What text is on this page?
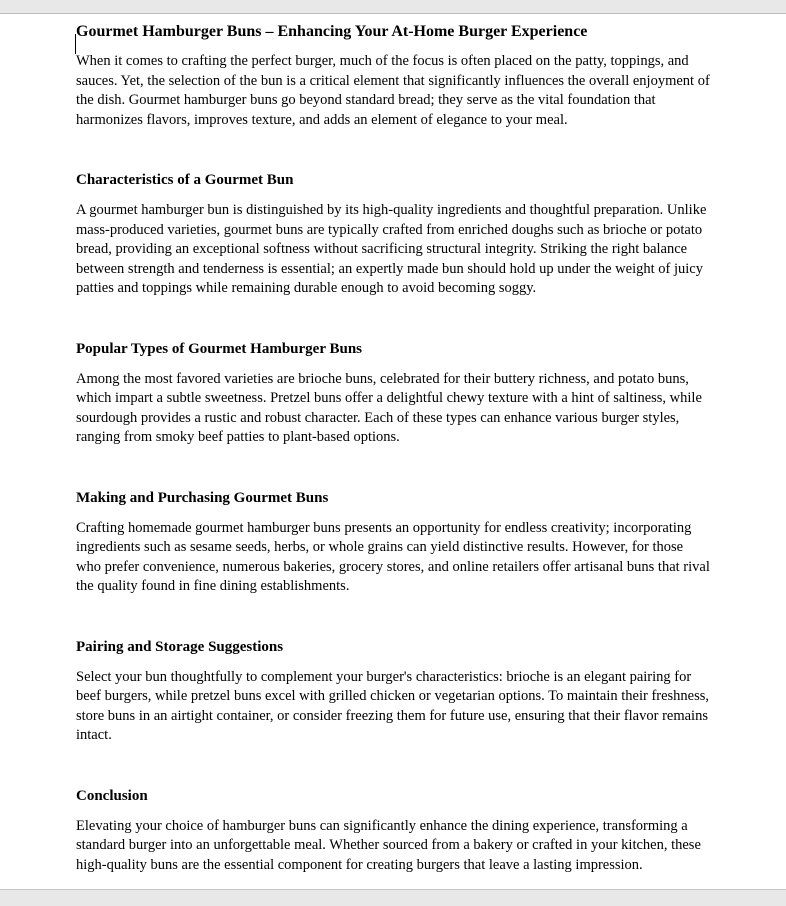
Gourmet Hamburger Buns – Enhancing Your At-Home Burger Experience

When it comes to crafting the perfect burger, much of the focus is often placed on the patty, toppings, and sauces. Yet, the selection of the bun is a critical element that significantly influences the overall enjoyment of the dish. Gourmet hamburger buns go beyond standard bread; they serve as the vital foundation that harmonizes flavors, improves texture, and adds an element of elegance to your meal.

Characteristics of a Gourmet Bun

A gourmet hamburger bun is distinguished by its high-quality ingredients and thoughtful preparation. Unlike mass-produced varieties, gourmet buns are typically crafted from enriched doughs such as brioche or potato bread, providing an exceptional softness without sacrificing structural integrity. Striking the right balance between strength and tenderness is essential; an expertly made bun should hold up under the weight of juicy patties and toppings while remaining durable enough to avoid becoming soggy.

Popular Types of Gourmet Hamburger Buns

Among the most favored varieties are brioche buns, celebrated for their buttery richness, and potato buns, which impart a subtle sweetness. Pretzel buns offer a delightful chewy texture with a hint of saltiness, while sourdough provides a rustic and robust character. Each of these types can enhance various burger styles, ranging from smoky beef patties to plant-based options.

Making and Purchasing Gourmet Buns

Crafting homemade gourmet hamburger buns presents an opportunity for endless creativity; incorporating ingredients such as sesame seeds, herbs, or whole grains can yield distinctive results. However, for those who prefer convenience, numerous bakeries, grocery stores, and online retailers offer artisanal buns that rival the quality found in fine dining establishments.

Pairing and Storage Suggestions

Select your bun thoughtfully to complement your burger's characteristics: brioche is an elegant pairing for beef burgers, while pretzel buns excel with grilled chicken or vegetarian options. To maintain their freshness, store buns in an airtight container, or consider freezing them for future use, ensuring that their flavor remains intact.

Conclusion

Elevating your choice of hamburger buns can significantly enhance the dining experience, transforming a standard burger into an unforgettable meal. Whether sourced from a bakery or crafted in your kitchen, these high-quality buns are the essential component for creating burgers that leave a lasting impression.
